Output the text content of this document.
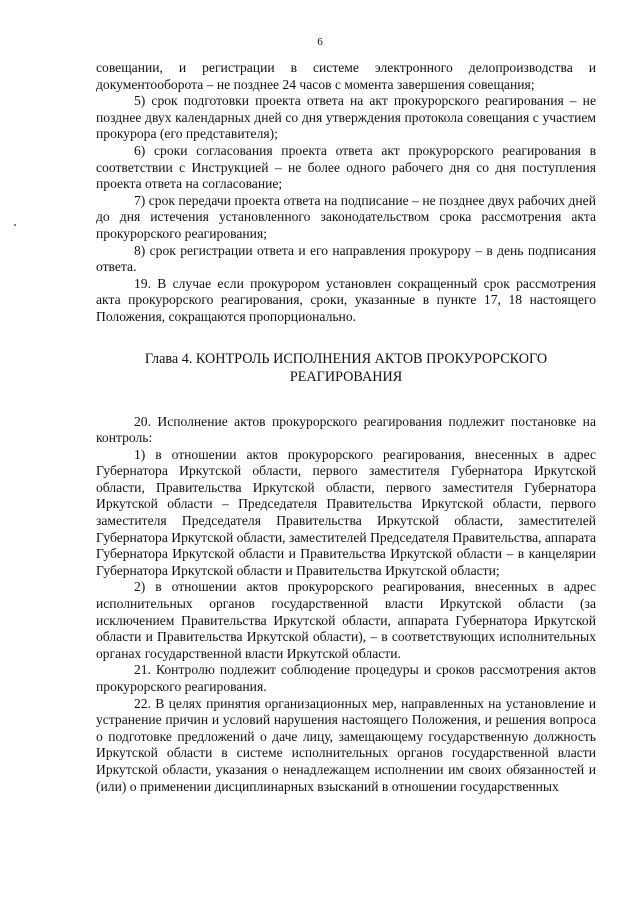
6

совещании, и регистрации в системе электронного делопроизводства и документооборота – не позднее 24 часов с момента завершения совещания;

5) срок подготовки проекта ответа на акт прокурорского реагирования – не позднее двух календарных дней со дня утверждения протокола совещания с участием прокурора (его представителя);

6) сроки согласования проекта ответа акт прокурорского реагирования в соответствии с Инструкцией – не более одного рабочего дня со дня поступления проекта ответа на согласование;

7) срок передачи проекта ответа на подписание – не позднее двух рабочих дней до дня истечения установленного законодательством срока рассмотрения акта прокурорского реагирования;

8) срок регистрации ответа и его направления прокурору – в день подписания ответа.

19. В случае если прокурором установлен сокращенный срок рассмотрения акта прокурорского реагирования, сроки, указанные в пункте 17, 18 настоящего Положения, сокращаются пропорционально.

Глава 4. КОНТРОЛЬ ИСПОЛНЕНИЯ АКТОВ ПРОКУРОРСКОГО
РЕАГИРОВАНИЯ

20. Исполнение актов прокурорского реагирования подлежит постановке на контроль:

1) в отношении актов прокурорского реагирования, внесенных в адрес Губернатора Иркутской области, первого заместителя Губернатора Иркутской области, Правительства Иркутской области, первого заместителя Губернатора Иркутской области – Председателя Правительства Иркутской области, первого заместителя Председателя Правительства Иркутской области, заместителей Губернатора Иркутской области, заместителей Председателя Правительства, аппарата Губернатора Иркутской области и Правительства Иркутской области – в канцелярии Губернатора Иркутской области и Правительства Иркутской области;

2) в отношении актов прокурорского реагирования, внесенных в адрес исполнительных органов государственной власти Иркутской области (за исключением Правительства Иркутской области, аппарата Губернатора Иркутской области и Правительства Иркутской области), – в соответствующих исполнительных органах государственной власти Иркутской области.

21. Контролю подлежит соблюдение процедуры и сроков рассмотрения актов прокурорского реагирования.

22. В целях принятия организационных мер, направленных на установление и устранение причин и условий нарушения настоящего Положения, и решения вопроса о подготовке предложений о даче лицу, замещающему государственную должность Иркутской области в системе исполнительных органов государственной власти Иркутской области, указания о ненадлежащем исполнении им своих обязанностей и (или) о применении дисциплинарных взысканий в отношении государственных
